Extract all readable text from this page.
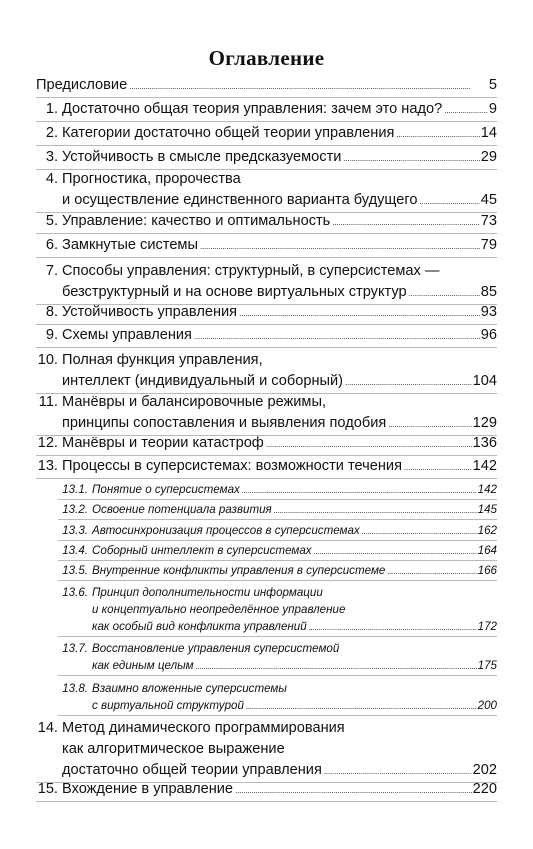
Оглавление
Предисловие . . .	5
1. Достаточно общая теория управления: зачем это надо? . . .	9
2. Категории достаточно общей теории управления . . .	14
3. Устойчивость в смысле предсказуемости . . .	29
4. Прогностика, пророчества
и осуществление единственного варианта будущего . . .	45
5. Управление: качество и оптимальность . . .	73
6. Замкнутые системы . . .	79
7. Способы управления: структурный, в суперсистемах —
безструктурный и на основе виртуальных структур . . .	85
8. Устойчивость управления . . .	93
9. Схемы управления . . .	96
10. Полная функция управления,
интеллект (индивидуальный и соборный) . . .	104
11. Манёвры и балансировочные режимы,
принципы сопоставления и выявления подобия . . .	129
12. Манёвры и теории катастроф . . .	136
13. Процессы в суперсистемах: возможности течения . . .	142
13.1. Понятие о суперсистемах . . .	142
13.2. Освоение потенциала развития . . .	145
13.3. Автосинхронизация процессов в суперсистемах . . .	162
13.4. Соборный интеллект в суперсистемах . . .	164
13.5. Внутренние конфликты управления в суперсистеме . . .	166
13.6. Принцип дополнительности информации
и концептуально неопределённое управление
как особый вид конфликта управлений . . .	172
13.7. Восстановление управления суперсистемой
как единым целым . . .	175
13.8. Взаимно вложенные суперсистемы
с виртуальной структурой . . .	200
14. Метод динамического программирования
как алгоритмическое выражение
достаточно общей теории управления . . .	202
15. Вхождение в управление . . .	220
